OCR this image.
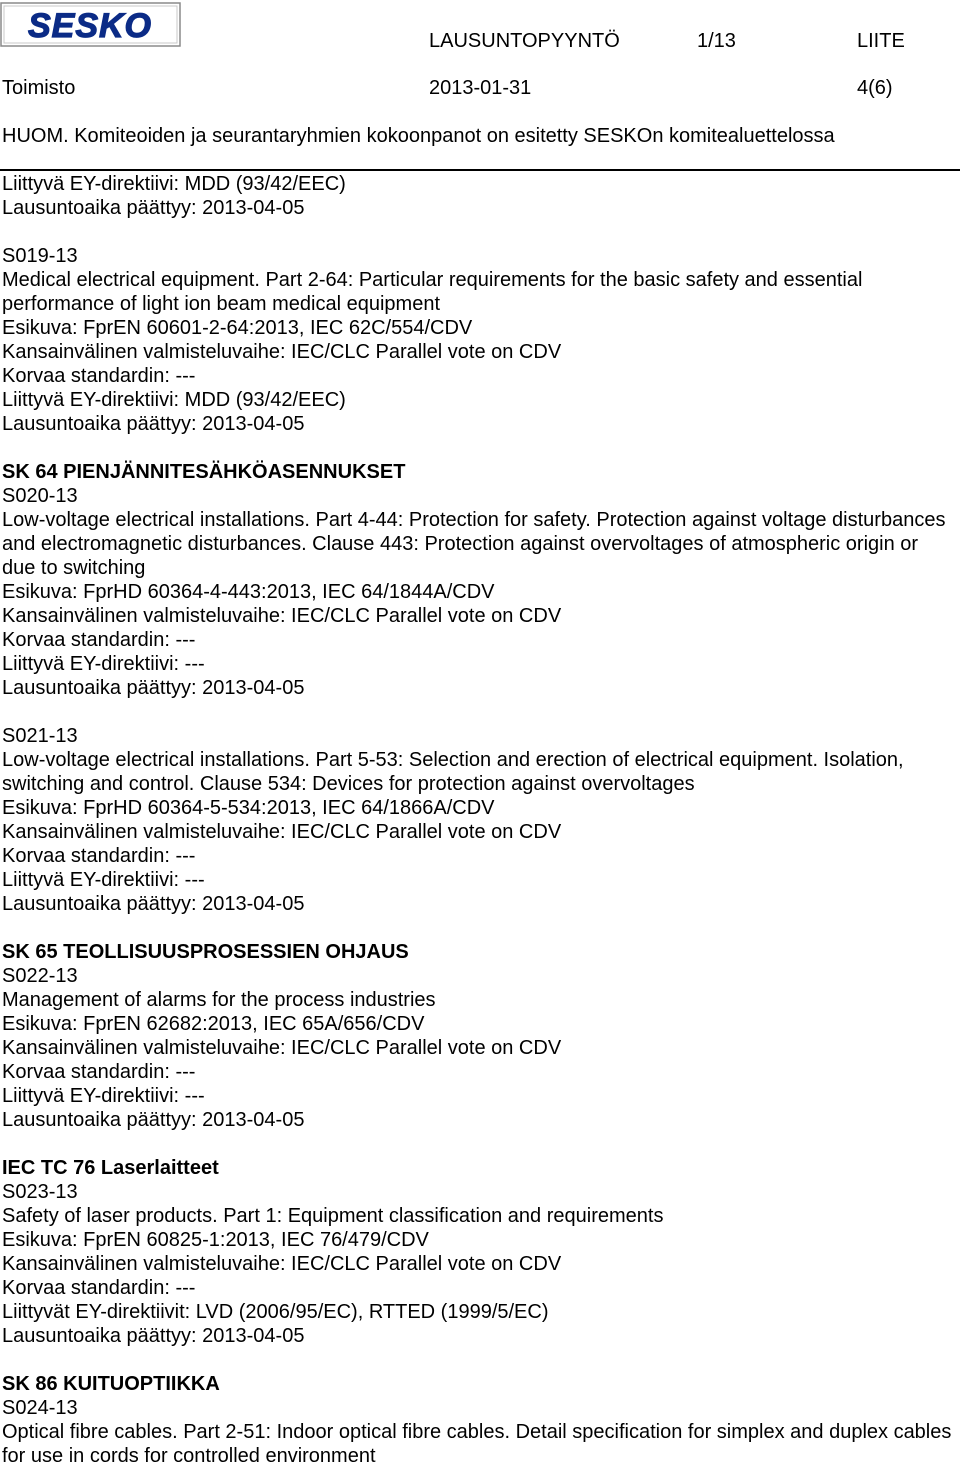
SESKO	LAUSUNTOPYYNTÖ	1/13	LIITE
Toimisto	2013-01-31	4(6)
HUOM. Komiteoiden ja seurantaryhmien kokoonpanot on esitetty SESKOn komitealuettelossa
Liittyvä EY-direktiivi: MDD (93/42/EEC)
Lausuntoaika päättyy: 2013-04-05
S019-13
Medical electrical equipment. Part 2-64: Particular requirements for the basic safety and essential performance of light ion beam medical equipment
Esikuva: FprEN 60601-2-64:2013, IEC 62C/554/CDV
Kansainvälinen valmisteluvaihe: IEC/CLC Parallel vote on CDV
Korvaa standardin: ---
Liittyvä EY-direktiivi: MDD (93/42/EEC)
Lausuntoaika päättyy: 2013-04-05
SK 64 PIENJÄNNITESÄHKÖASENNUKSET
S020-13
Low-voltage electrical installations. Part 4-44: Protection for safety. Protection against voltage disturbances and electromagnetic disturbances. Clause 443: Protection against overvoltages of atmospheric origin or due to switching
Esikuva: FprHD 60364-4-443:2013, IEC 64/1844A/CDV
Kansainvälinen valmisteluvaihe: IEC/CLC Parallel vote on CDV
Korvaa standardin: ---
Liittyvä EY-direktiivi: ---
Lausuntoaika päättyy: 2013-04-05
S021-13
Low-voltage electrical installations. Part 5-53: Selection and erection of electrical equipment. Isolation, switching and control. Clause 534: Devices for protection against overvoltages
Esikuva: FprHD 60364-5-534:2013, IEC 64/1866A/CDV
Kansainvälinen valmisteluvaihe: IEC/CLC Parallel vote on CDV
Korvaa standardin: ---
Liittyvä EY-direktiivi: ---
Lausuntoaika päättyy: 2013-04-05
SK 65 TEOLLISUUSPROSESSIEN OHJAUS
S022-13
Management of alarms for the process industries
Esikuva: FprEN 62682:2013, IEC 65A/656/CDV
Kansainvälinen valmisteluvaihe: IEC/CLC Parallel vote on CDV
Korvaa standardin: ---
Liittyvä EY-direktiivi: ---
Lausuntoaika päättyy: 2013-04-05
IEC TC 76 Laserlaitteet
S023-13
Safety of laser products. Part 1: Equipment classification and requirements
Esikuva: FprEN 60825-1:2013, IEC 76/479/CDV
Kansainvälinen valmisteluvaihe: IEC/CLC Parallel vote on CDV
Korvaa standardin: ---
Liittyvät EY-direktiivit: LVD (2006/95/EC), RTTED (1999/5/EC)
Lausuntoaika päättyy: 2013-04-05
SK 86 KUITUOPTIIKKA
S024-13
Optical fibre cables. Part 2-51: Indoor optical fibre cables. Detail specification for simplex and duplex cables for use in cords for controlled environment
